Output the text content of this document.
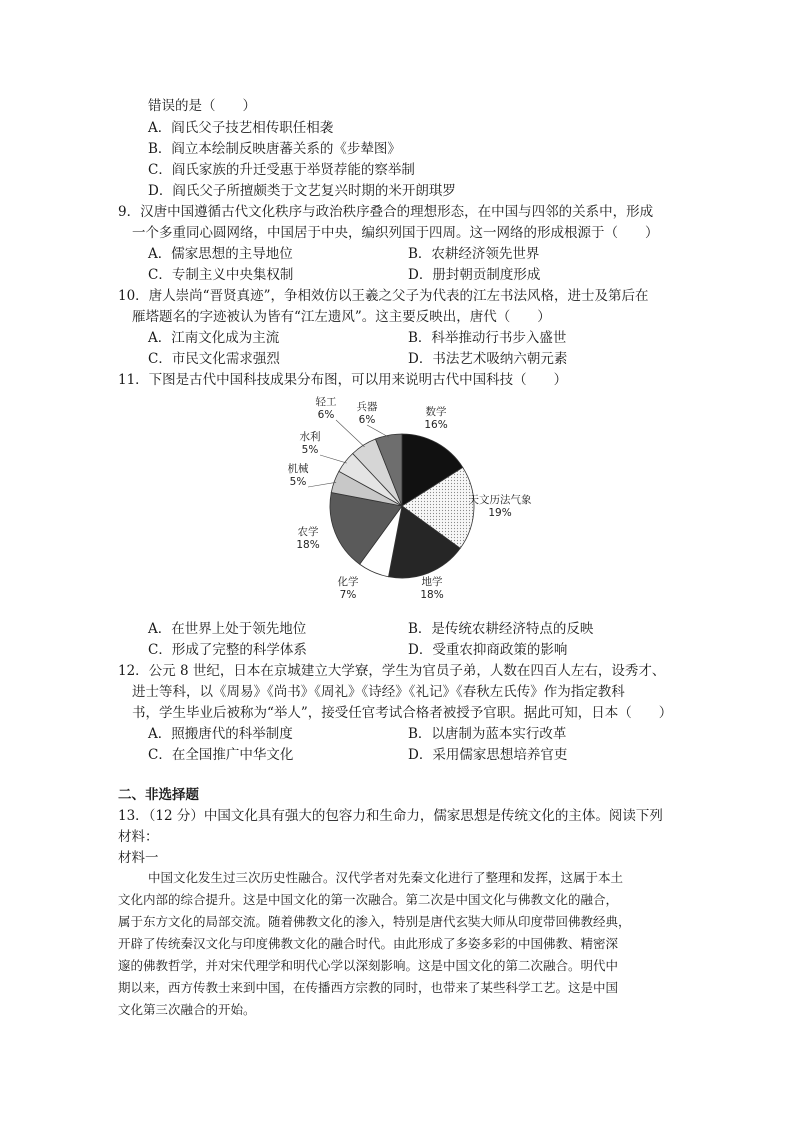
错误的是（　　）
A．阎氏父子技艺相传职任相袭
B．阎立本绘制反映唐蕃关系的《步辇图》
C．阎氏家族的升迁受惠于举贤荐能的察举制
D．阎氏父子所擅颇类于文艺复兴时期的米开朗琪罗
9．汉唐中国遵循古代文化秩序与政治秩序叠合的理想形态，在中国与四邻的关系中，形成
一个多重同心圆网络，中国居于中央，编织列国于四周。这一网络的形成根源于（　　）
A．儒家思想的主导地位	B．农耕经济领先世界
C．专制主义中央集权制	D．册封朝贡制度形成
10．唐人崇尚“晋贤真迹”，争相效仿以王羲之父子为代表的江左书法风格，进士及第后在
雁塔题名的字迹被认为皆有“江左遗风”。这主要反映出，唐代（　　）
A．江南文化成为主流	B．科举推动行书步入盛世
C．市民文化需求强烈	D．书法艺术吸纳六朝元素
11．下图是古代中国科技成果分布图，可以用来说明古代中国科技（　　）
数学
16%
天文历法气象
19%
地学
18%
化学
7%
农学
18%
机械
5%
水利
5%
轻工
6%
兵器
6%
A．在世界上处于领先地位	B．是传统农耕经济特点的反映
C．形成了完整的科学体系	D．受重农抑商政策的影响
12．公元 8 世纪，日本在京城建立大学寮，学生为官员子弟，人数在四百人左右，设秀才、
进士等科，以《周易》《尚书》《周礼》《诗经》《礼记》《春秋左氏传》作为指定教科
书，学生毕业后被称为“举人”，接受任官考试合格者被授予官职。据此可知，日本（　　）
A．照搬唐代的科举制度	B．以唐制为蓝本实行改革
C．在全国推广中华文化	D．采用儒家思想培养官吏
二、非选择题
13．（12 分）中国文化具有强大的包容力和生命力，儒家思想是传统文化的主体。阅读下列
材料：
材料一
中国文化发生过三次历史性融合。汉代学者对先秦文化进行了整理和发挥，这属于本土
文化内部的综合提升。这是中国文化的第一次融合。第二次是中国文化与佛教文化的融合，
属于东方文化的局部交流。随着佛教文化的渗入，特别是唐代玄奘大师从印度带回佛教经典，
开辟了传统秦汉文化与印度佛教文化的融合时代。由此形成了多姿多彩的中国佛教、精密深
邃的佛教哲学，并对宋代理学和明代心学以深刻影响。这是中国文化的第二次融合。明代中
期以来，西方传教士来到中国，在传播西方宗教的同时，也带来了某些科学工艺。这是中国
文化第三次融合的开始。
